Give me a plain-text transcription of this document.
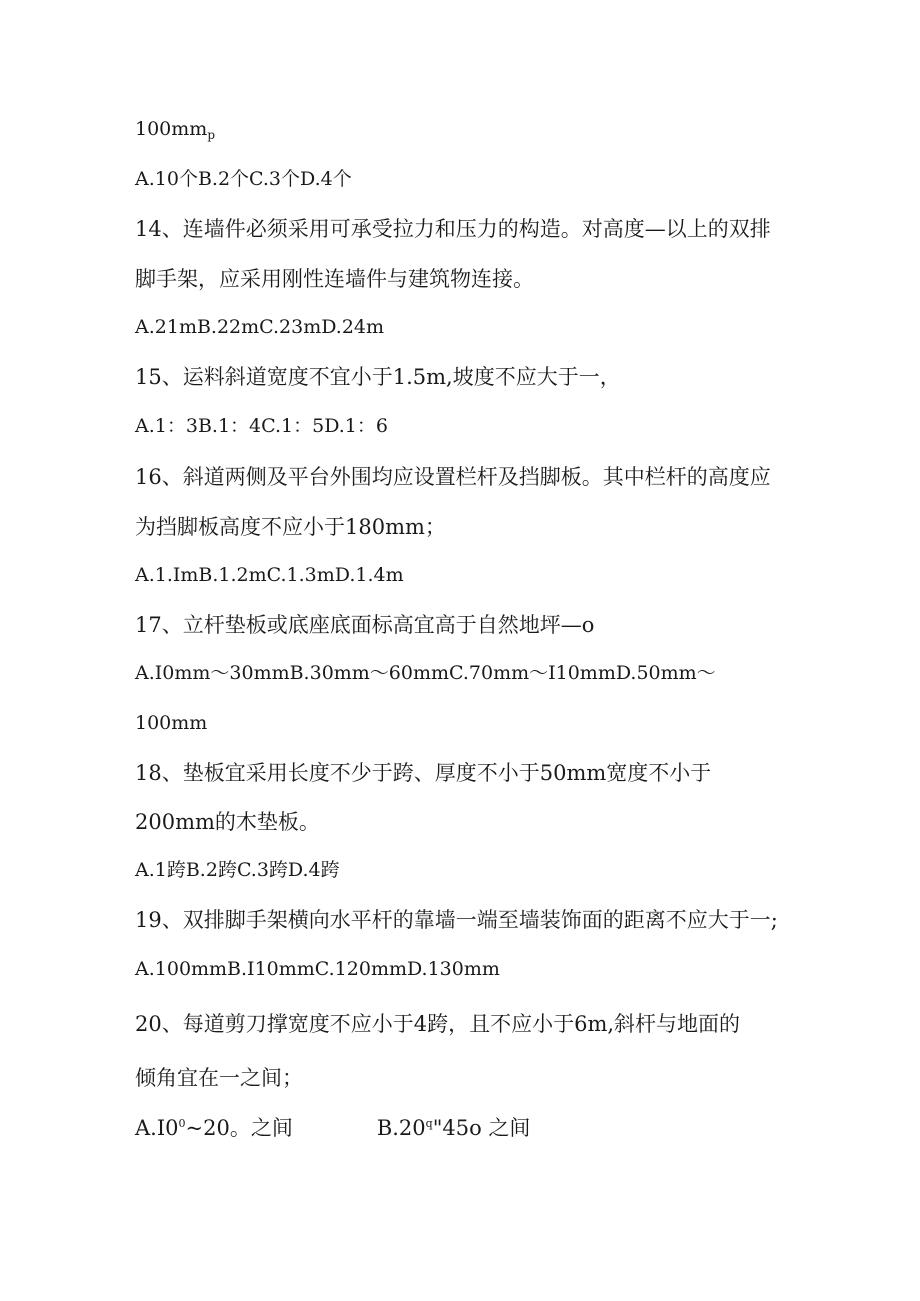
$100mm_p$
A.10个B.2个C.3个D.4个
14、连墙件必须采用可承受拉力和压力的构造。对高度—以上的双排
脚手架，应采用刚性连墙件与建筑物连接。
A.21mB.22mC.23mD.24m
15、运料斜道宽度不宜小于1.5m,坡度不应大于一，
A.1：3B.1：4C.1：5D.1：6
16、斜道两侧及平台外围均应设置栏杆及挡脚板。其中栏杆的高度应
为挡脚板高度不应小于180mm；
A.1.ImB.1.2mC.1.3mD.1.4m
17、立杆垫板或底座底面标高宜高于自然地坪—o
A.I0mm～30mmB.30mm～60mmC.70mm～I10mmD.50mm～
100mm
18、垫板宜采用长度不少于跨、厚度不小于50mm宽度不小于
200mm的木垫板。
A.1跨B.2跨C.3跨D.4跨
19、双排脚手架横向水平杆的靠墙一端至墙装饰面的距离不应大于一;
A.100mmB.I10mmC.120mmD.130mm
20、每道剪刀撑宽度不应小于4跨，且不应小于6m,斜杆与地面的
倾角宜在一之间；
$A.I0^0\sim 20$。之间	B.20$^q$"45ο 之间
